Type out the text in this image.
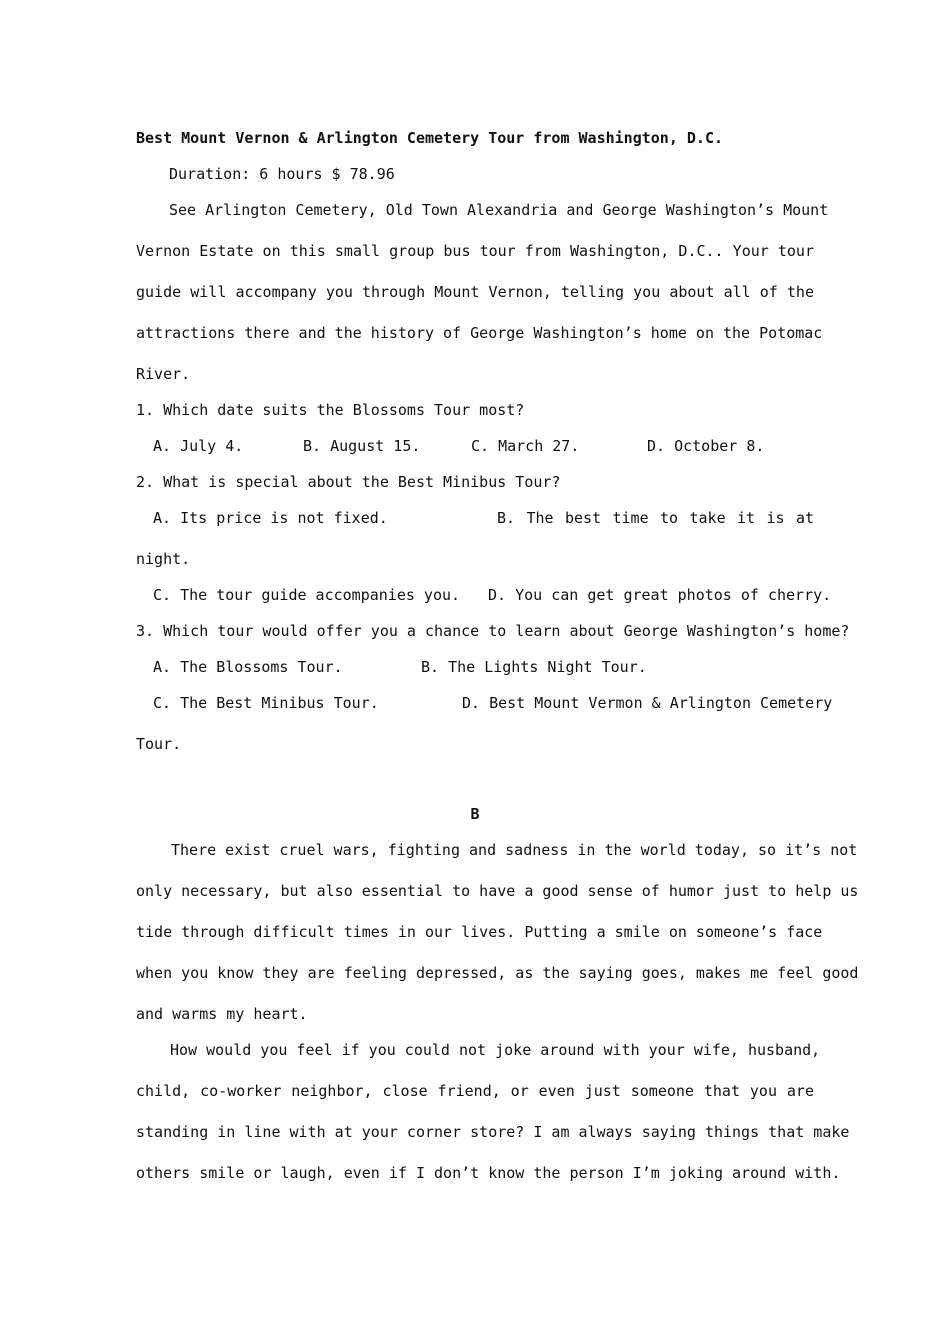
Best Mount Vernon & Arlington Cemetery Tour from Washington, D.C.
Duration: 6 hours $ 78.96
See Arlington Cemetery, Old Town Alexandria and George Washington’s Mount
Vernon Estate on this small group bus tour from Washington, D.C.. Your tour
guide will accompany you through Mount Vernon, telling you about all of the
attractions there and the history of George Washington’s home on the Potomac
River.
1. Which date suits the Blossoms Tour most?
A. July 4.	B. August 15.	C. March 27.	D. October 8.
2. What is special about the Best Minibus Tour?
A. Its price is not fixed.	B. The best time to take it is at
night.
C. The tour guide accompanies you. D. You can get great photos of cherry.
3. Which tour would offer you a chance to learn about George Washington’s home?
A. The Blossoms Tour.	B. The Lights Night Tour.
C. The Best Minibus Tour.	D. Best Mount Vermon & Arlington Cemetery
Tour.
B
There exist cruel wars, fighting and sadness in the world today, so it’s not
only necessary, but also essential to have a good sense of humor just to help us
tide through difficult times in our lives. Putting a smile on someone’s face
when you know they are feeling depressed, as the saying goes, makes me feel good
and warms my heart.
How would you feel if you could not joke around with your wife, husband,
child, co-worker neighbor, close friend, or even just someone that you are
standing in line with at your corner store? I am always saying things that make
others smile or laugh, even if I don’t know the person I’m joking around with.
